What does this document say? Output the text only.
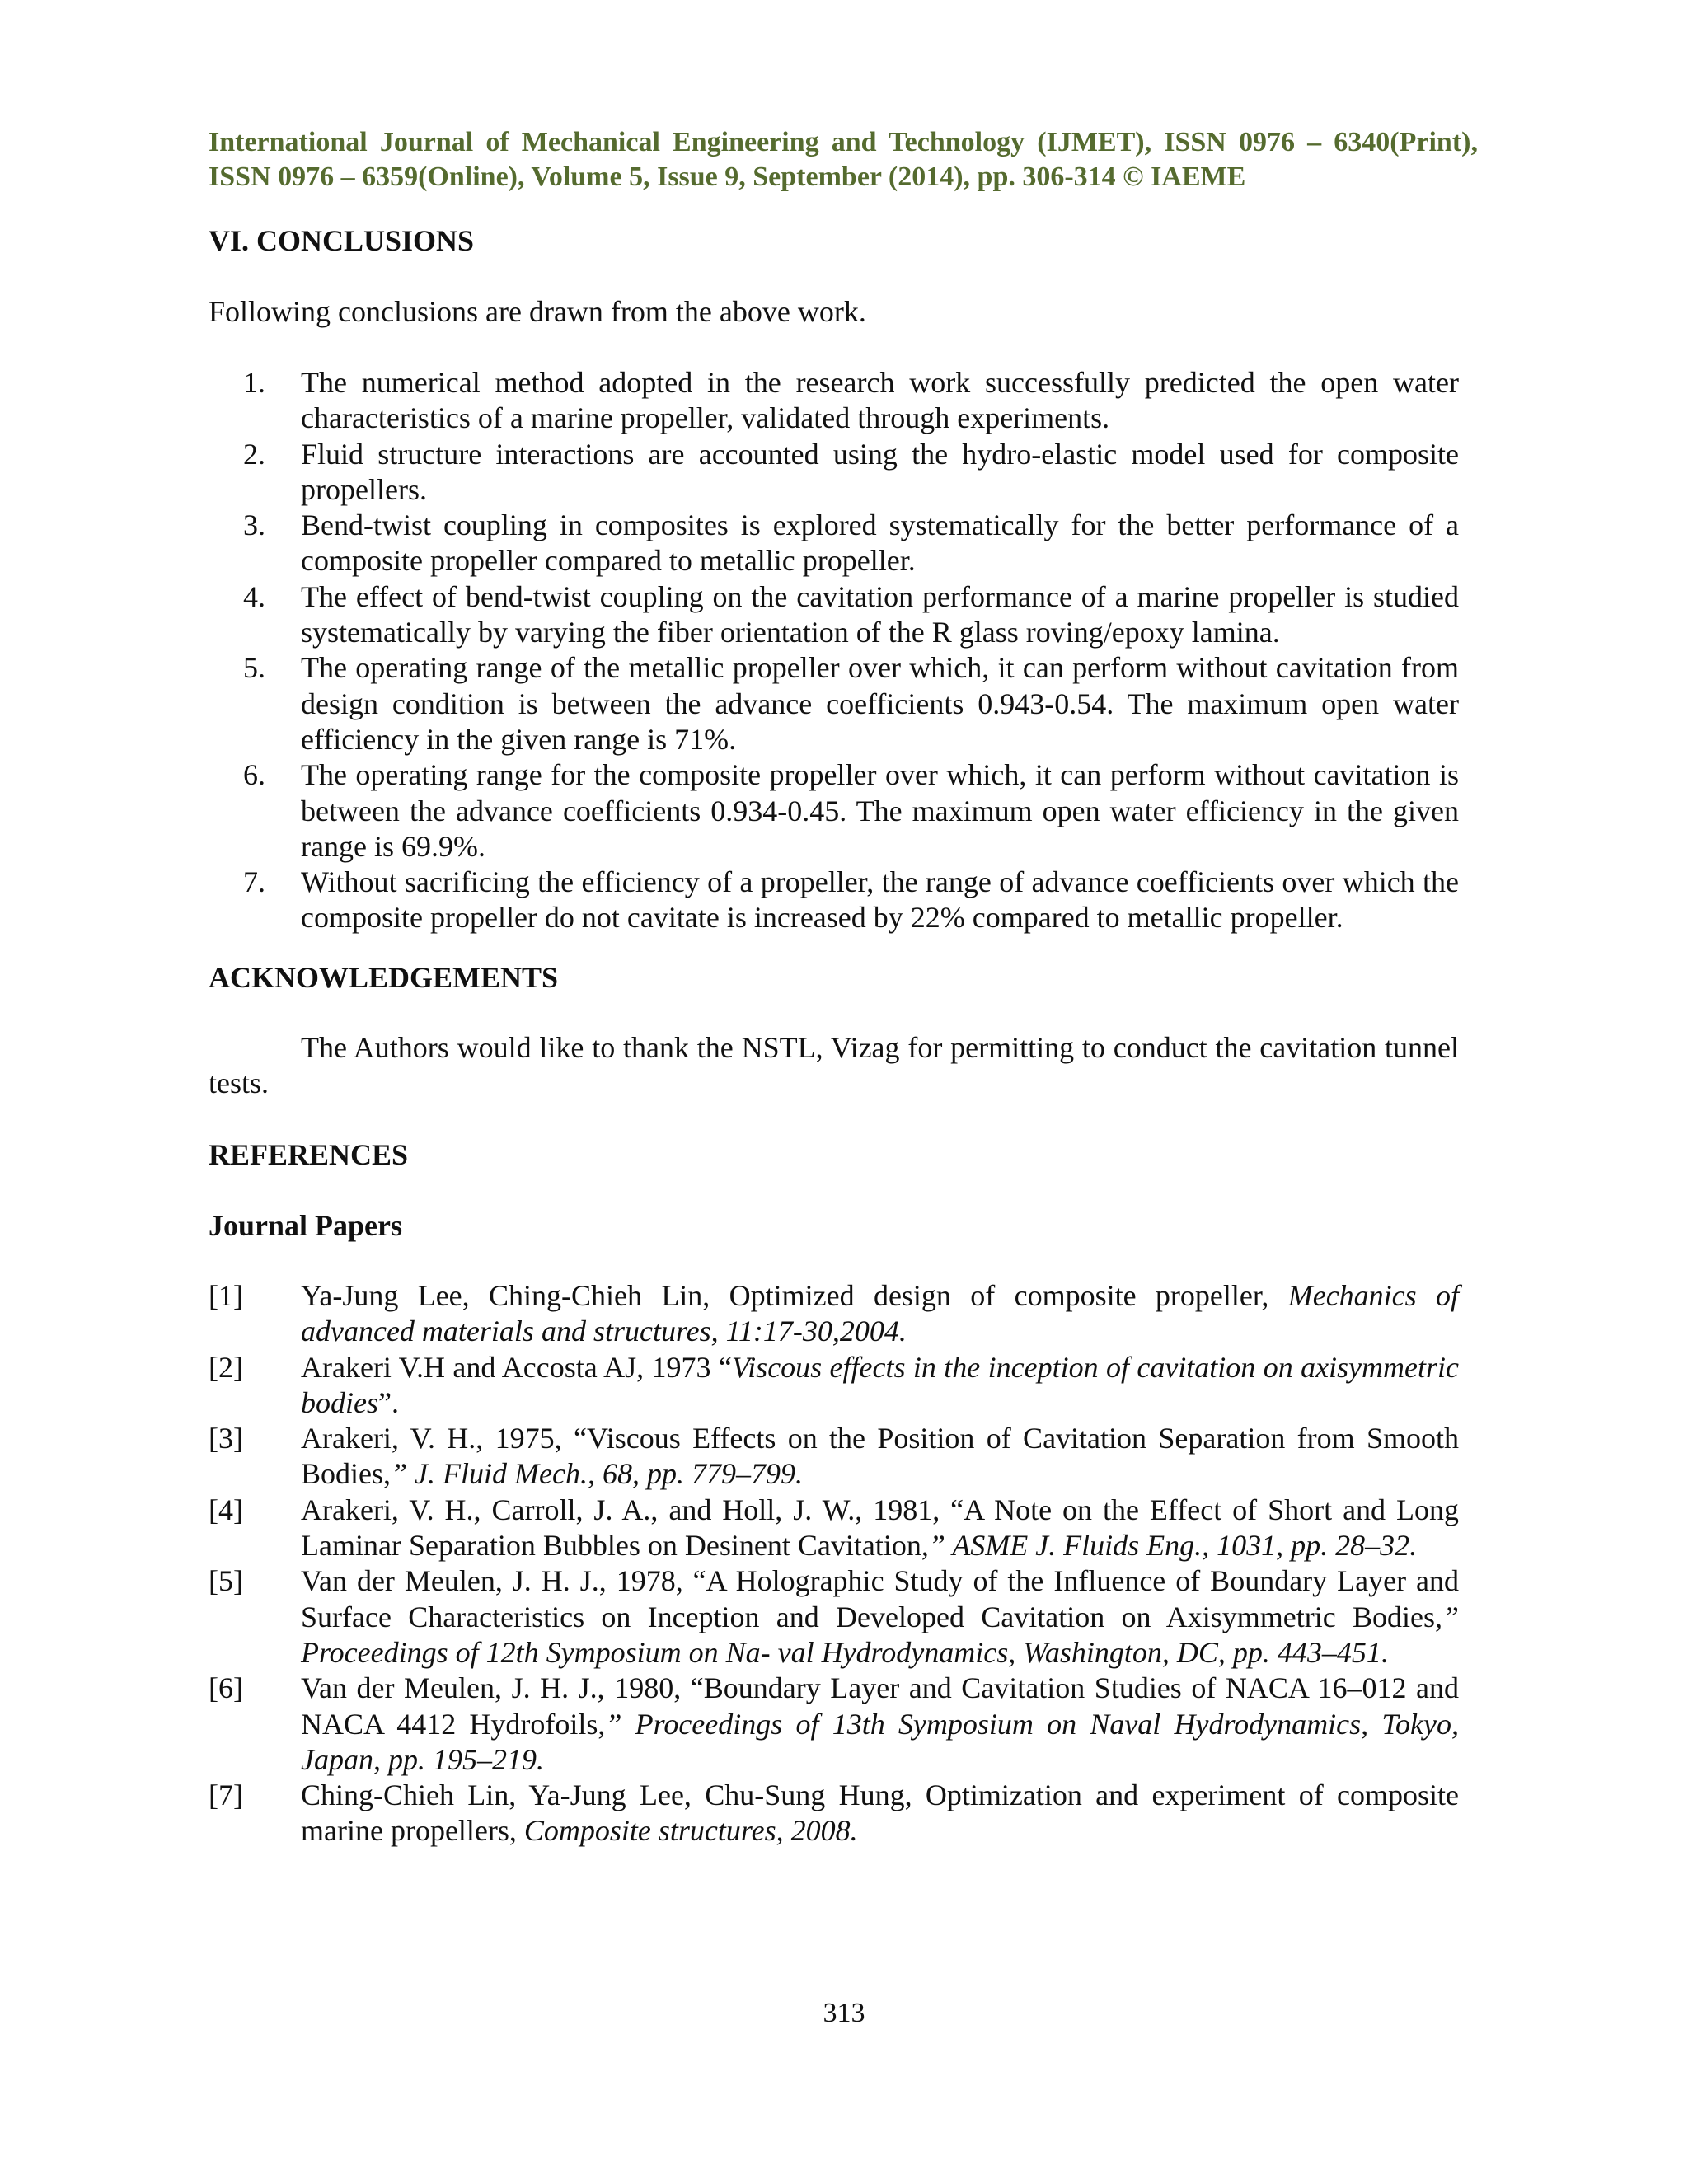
International Journal of Mechanical Engineering and Technology (IJMET), ISSN 0976 – 6340(Print),
ISSN 0976 – 6359(Online), Volume 5, Issue 9, September (2014), pp. 306-314 © IAEME
VI. CONCLUSIONS

Following conclusions are drawn from the above work.

1. The numerical method adopted in the research work successfully predicted the open water characteristics of a marine propeller, validated through experiments.
2. Fluid structure interactions are accounted using the hydro-elastic model used for composite propellers.
3. Bend-twist coupling in composites is explored systematically for the better performance of a composite propeller compared to metallic propeller.
4. The effect of bend-twist coupling on the cavitation performance of a marine propeller is studied systematically by varying the fiber orientation of the R glass roving/epoxy lamina.
5. The operating range of the metallic propeller over which, it can perform without cavitation from design condition is between the advance coefficients 0.943-0.54. The maximum open water efficiency in the given range is 71%.
6. The operating range for the composite propeller over which, it can perform without cavitation is between the advance coefficients 0.934-0.45. The maximum open water efficiency in the given range is 69.9%.
7. Without sacrificing the efficiency of a propeller, the range of advance coefficients over which the composite propeller do not cavitate is increased by 22% compared to metallic propeller.
ACKNOWLEDGEMENTS

The Authors would like to thank the NSTL, Vizag for permitting to conduct the cavitation tunnel tests.

REFERENCES
Journal Papers
[1] Ya-Jung Lee, Ching-Chieh Lin, Optimized design of composite propeller, Mechanics of advanced materials and structures, 11:17-30,2004.
[2] Arakeri V.H and Accosta AJ, 1973 “Viscous effects in the inception of cavitation on axisymmetric bodies”.
[3] Arakeri, V. H., 1975, “Viscous Effects on the Position of Cavitation Separation from Smooth Bodies,” J. Fluid Mech., 68, pp. 779–799.
[4] Arakeri, V. H., Carroll, J. A., and Holl, J. W., 1981, “A Note on the Effect of Short and Long Laminar Separation Bubbles on Desinent Cavitation,” ASME J. Fluids Eng., 1031, pp. 28–32.
[5] Van der Meulen, J. H. J., 1978, “A Holographic Study of the Influence of Boundary Layer and Surface Characteristics on Inception and Developed Cavitation on Axisymmetric Bodies,” Proceedings of 12th Symposium on Na- val Hydrodynamics, Washington, DC, pp. 443–451.
[6] Van der Meulen, J. H. J., 1980, “Boundary Layer and Cavitation Studies of NACA 16–012 and NACA 4412 Hydrofoils,” Proceedings of 13th Symposium on Naval Hydrodynamics, Tokyo, Japan, pp. 195–219.
[7] Ching-Chieh Lin, Ya-Jung Lee, Chu-Sung Hung, Optimization and experiment of composite marine propellers, Composite structures, 2008.
313
